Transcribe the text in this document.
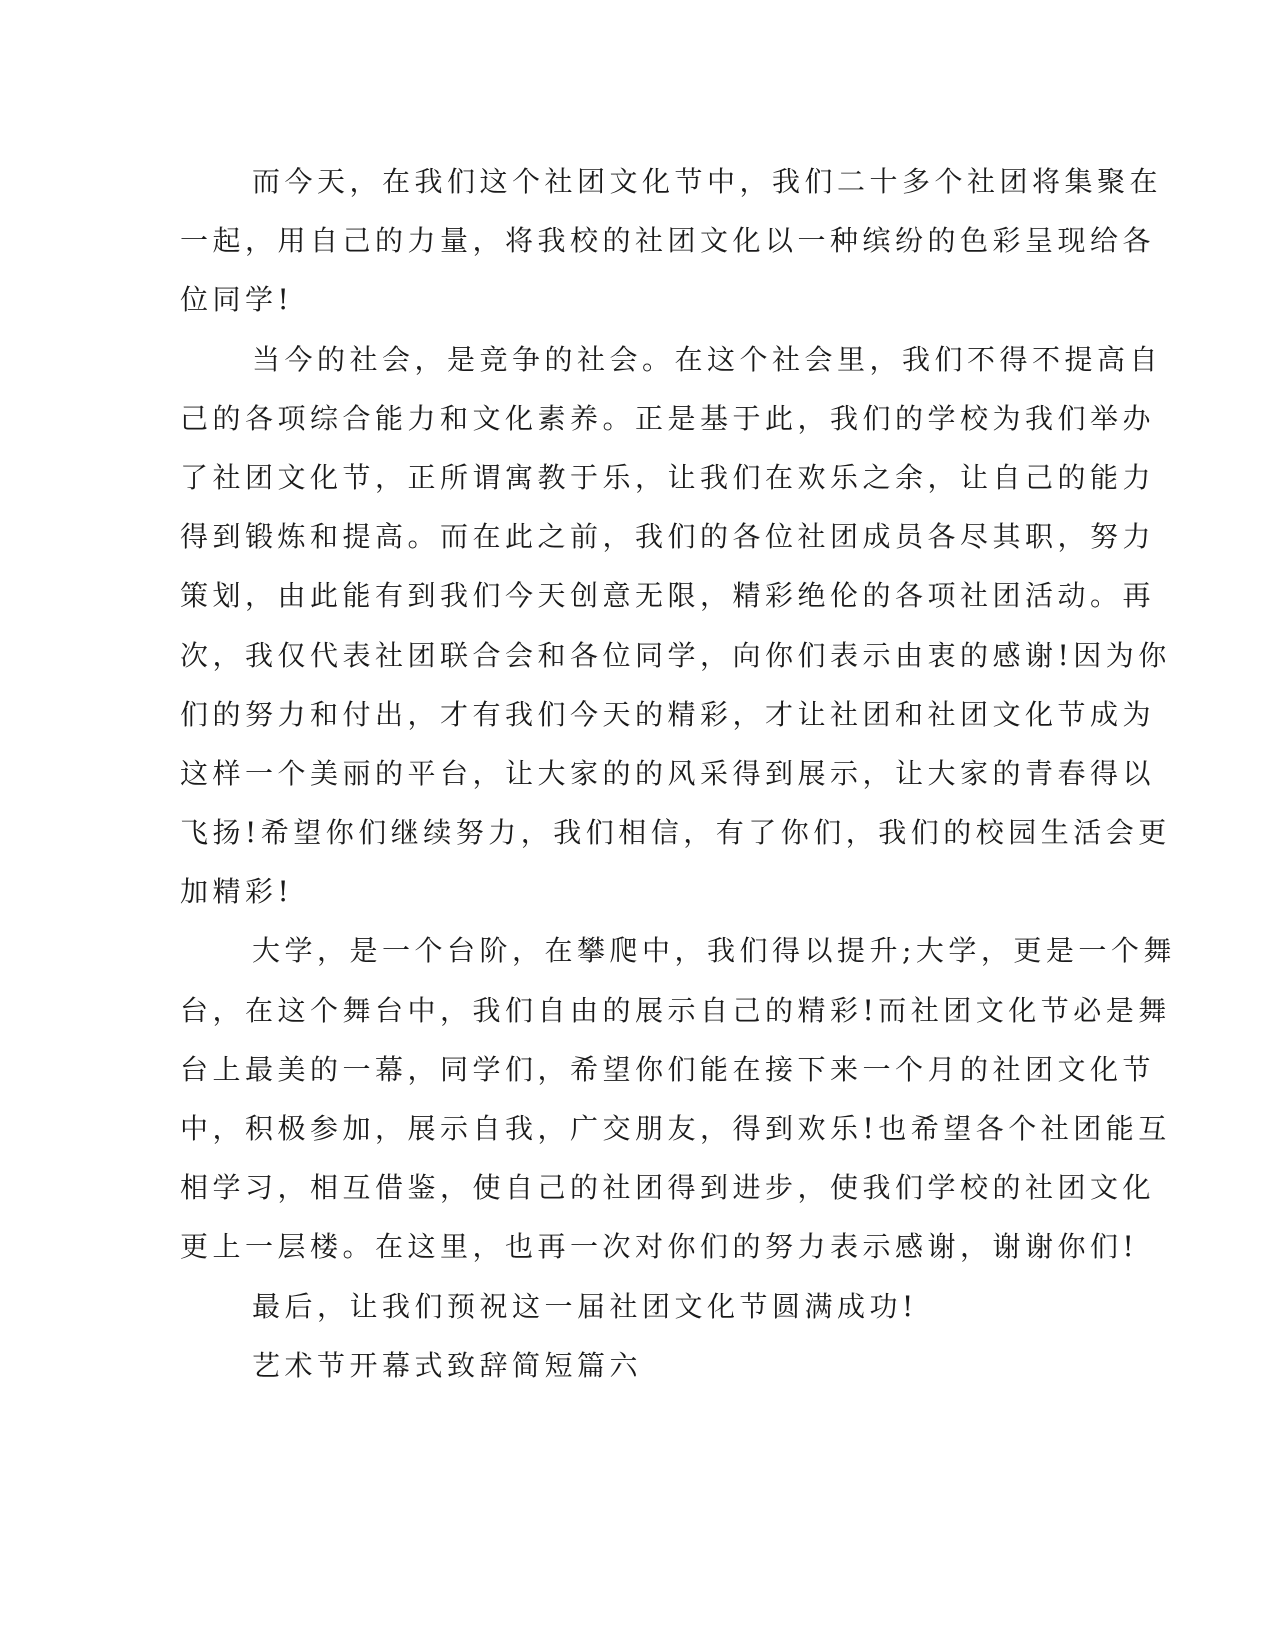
而今天，在我们这个社团文化节中，我们二十多个社团将集聚在
一起，用自己的力量，将我校的社团文化以一种缤纷的色彩呈现给各
位同学!
当今的社会，是竞争的社会。在这个社会里，我们不得不提高自
己的各项综合能力和文化素养。正是基于此，我们的学校为我们举办
了社团文化节，正所谓寓教于乐，让我们在欢乐之余，让自己的能力
得到锻炼和提高。而在此之前，我们的各位社团成员各尽其职，努力
策划，由此能有到我们今天创意无限，精彩绝伦的各项社团活动。再
次，我仅代表社团联合会和各位同学，向你们表示由衷的感谢!因为你
们的努力和付出，才有我们今天的精彩，才让社团和社团文化节成为
这样一个美丽的平台，让大家的的风采得到展示，让大家的青春得以
飞扬!希望你们继续努力，我们相信，有了你们，我们的校园生活会更
加精彩!
大学，是一个台阶，在攀爬中，我们得以提升;大学，更是一个舞
台，在这个舞台中，我们自由的展示自己的精彩!而社团文化节必是舞
台上最美的一幕，同学们，希望你们能在接下来一个月的社团文化节
中，积极参加，展示自我，广交朋友，得到欢乐!也希望各个社团能互
相学习，相互借鉴，使自己的社团得到进步，使我们学校的社团文化
更上一层楼。在这里，也再一次对你们的努力表示感谢，谢谢你们!
最后，让我们预祝这一届社团文化节圆满成功!
艺术节开幕式致辞简短篇六
